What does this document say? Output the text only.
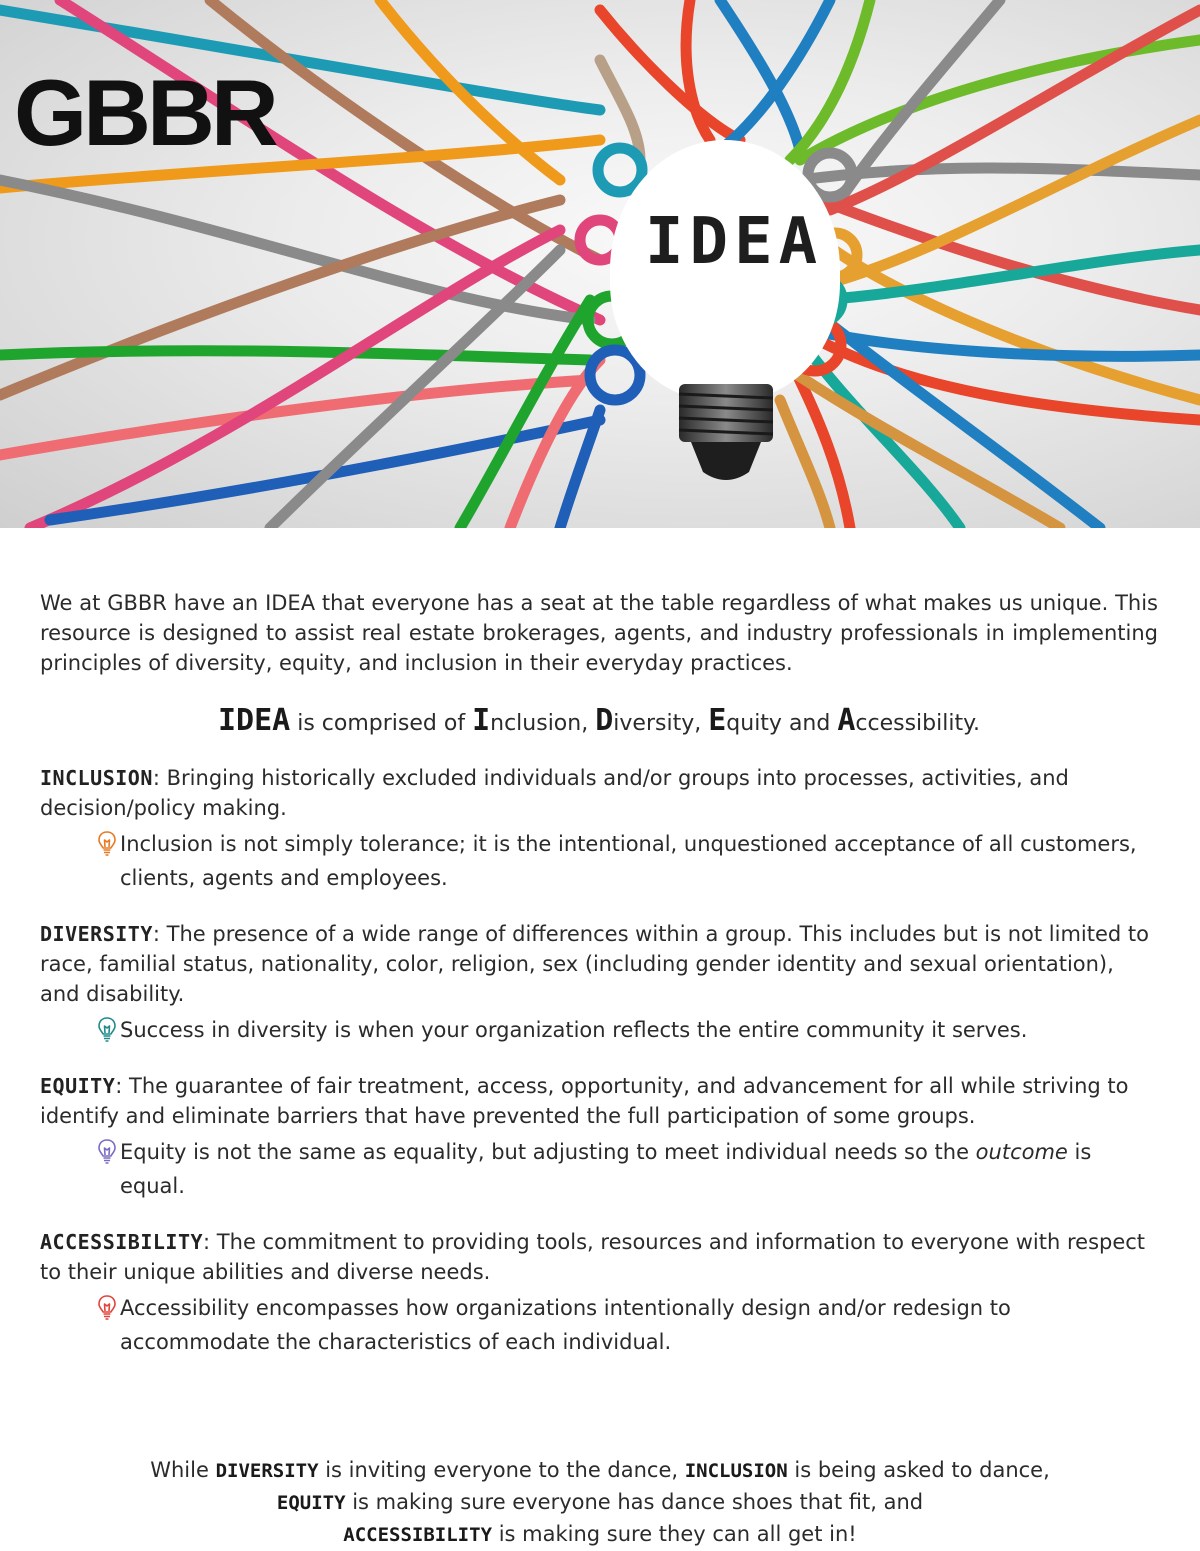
GBBR
IDEA

We at GBBR have an IDEA that everyone has a seat at the table regardless of what makes us unique. This resource is designed to assist real estate brokerages, agents, and industry professionals in implementing principles of diversity, equity, and inclusion in their everyday practices.

IDEA is comprised of Inclusion, Diversity, Equity and Accessibility.
INCLUSION: Bringing historically excluded individuals and/or groups into processes, activities, and decision/policy making.
Inclusion is not simply tolerance; it is the intentional, unquestioned acceptance of all customers, clients, agents and employees.
DIVERSITY: The presence of a wide range of differences within a group. This includes but is not limited to race, familial status, nationality, color, religion, sex (including gender identity and sexual orientation), and disability.
Success in diversity is when your organization reflects the entire community it serves.
EQUITY: The guarantee of fair treatment, access, opportunity, and advancement for all while striving to identify and eliminate barriers that have prevented the full participation of some groups.
Equity is not the same as equality, but adjusting to meet individual needs so the outcome is equal.
ACCESSIBILITY: The commitment to providing tools, resources and information to everyone with respect to their unique abilities and diverse needs.
Accessibility encompasses how organizations intentionally design and/or redesign to accommodate the characteristics of each individual.
While DIVERSITY is inviting everyone to the dance, INCLUSION is being asked to dance,
EQUITY is making sure everyone has dance shoes that fit, and
ACCESSIBILITY is making sure they can all get in!
